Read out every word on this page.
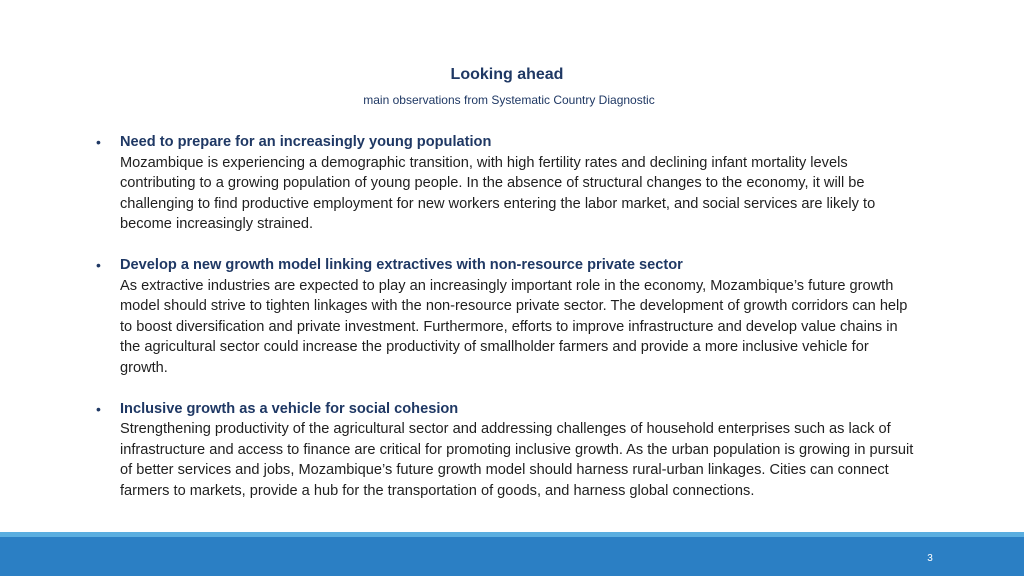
Looking ahead
main observations from Systematic Country Diagnostic
• Need to prepare for an increasingly young population
Mozambique is experiencing a demographic transition, with high fertility rates and declining infant mortality levels contributing to a growing population of young people. In the absence of structural changes to the economy, it will be challenging to find productive employment for new workers entering the labor market, and social services are likely to become increasingly strained.
• Develop a new growth model linking extractives with non-resource private sector
As extractive industries are expected to play an increasingly important role in the economy, Mozambique’s future growth model should strive to tighten linkages with the non-resource private sector. The development of growth corridors can help to boost diversification and private investment. Furthermore, efforts to improve infrastructure and develop value chains in the agricultural sector could increase the productivity of smallholder farmers and provide a more inclusive vehicle for growth.
• Inclusive growth as a vehicle for social cohesion
Strengthening productivity of the agricultural sector and addressing challenges of household enterprises such as lack of infrastructure and access to finance are critical for promoting inclusive growth. As the urban population is growing in pursuit of better services and jobs, Mozambique’s future growth model should harness rural-urban linkages. Cities can connect farmers to markets, provide a hub for the transportation of goods, and harness global connections.
3
